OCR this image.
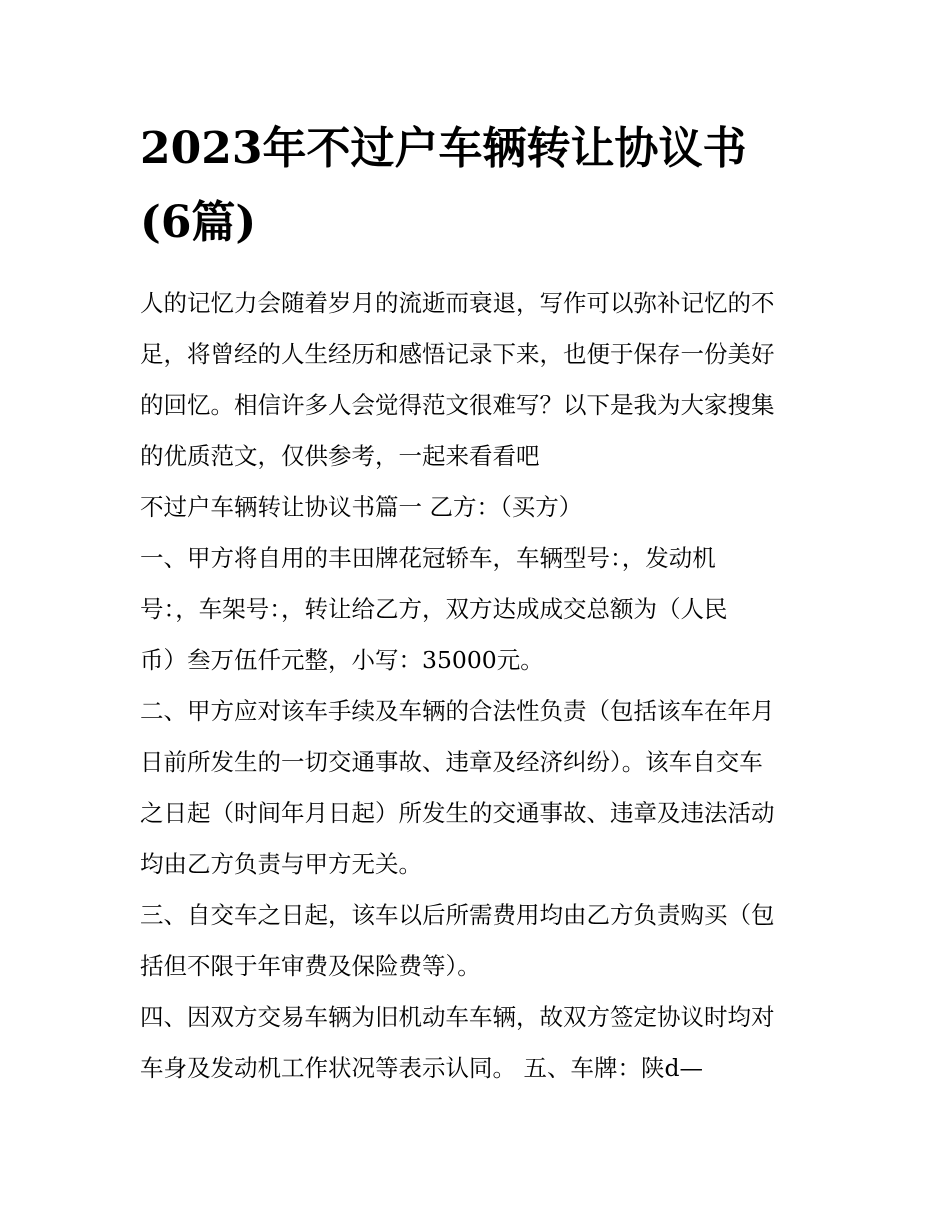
2023年不过户车辆转让协议书
(6篇)
人的记忆力会随着岁月的流逝而衰退，写作可以弥补记忆的不
足，将曾经的人生经历和感悟记录下来，也便于保存一份美好
的回忆。相信许多人会觉得范文很难写？以下是我为大家搜集
的优质范文，仅供参考，一起来看看吧
不过户车辆转让协议书篇一 乙方：（买方）
一、甲方将自用的丰田牌花冠轿车，车辆型号：，发动机
号：，车架号：，转让给乙方，双方达成成交总额为（人民
币）叁万伍仟元整，小写：35000元。
二、甲方应对该车手续及车辆的合法性负责（包括该车在年月
日前所发生的一切交通事故、违章及经济纠纷）。该车自交车
之日起（时间年月日起）所发生的交通事故、违章及违法活动
均由乙方负责与甲方无关。
三、自交车之日起，该车以后所需费用均由乙方负责购买（包
括但不限于年审费及保险费等）。
四、因双方交易车辆为旧机动车车辆，故双方签定协议时均对
车身及发动机工作状况等表示认同。 五、车牌：陕d—
